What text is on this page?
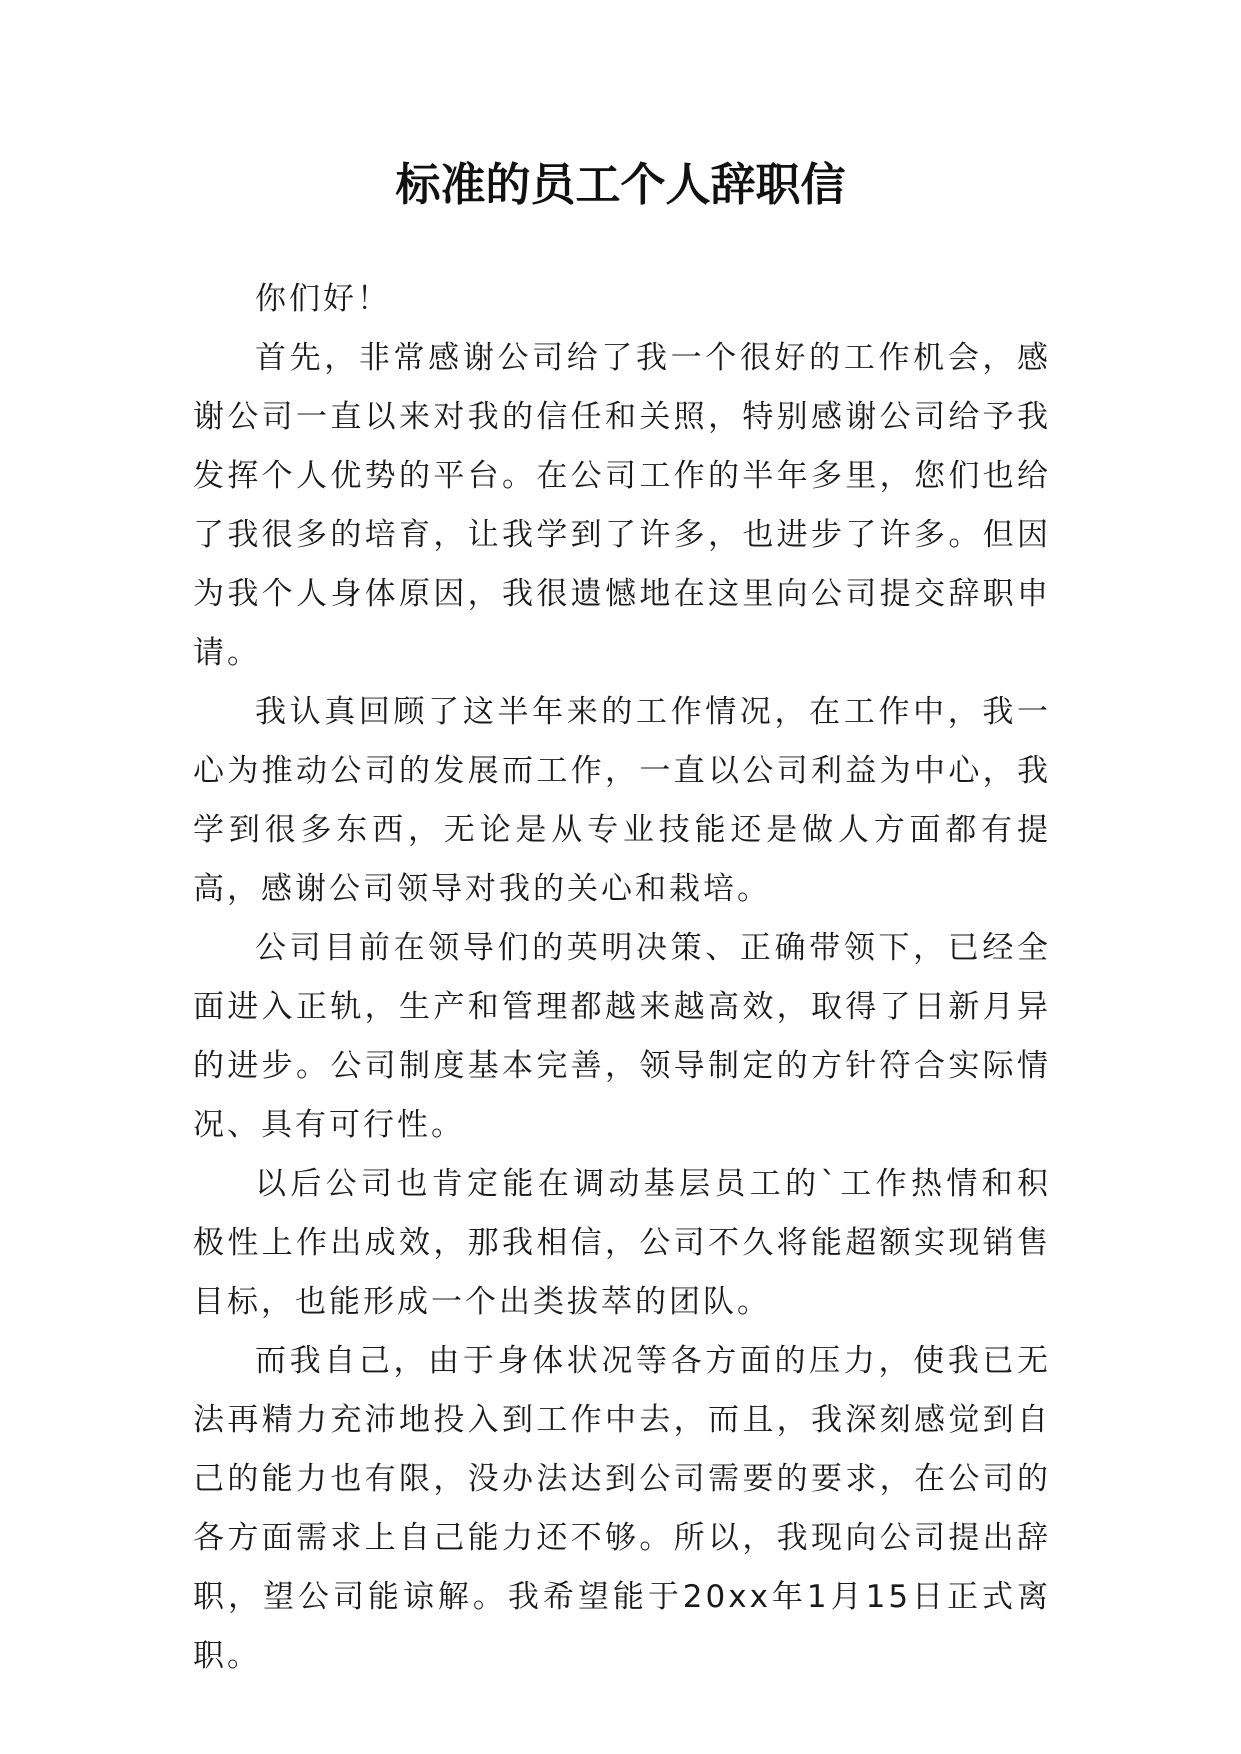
标准的员工个人辞职信

你们好！

首先，非常感谢公司给了我一个很好的工作机会，感谢公司一直以来对我的信任和关照，特别感谢公司给予我发挥个人优势的平台。在公司工作的半年多里，您们也给了我很多的培育，让我学到了许多，也进步了许多。但因为我个人身体原因，我很遗憾地在这里向公司提交辞职申请。

我认真回顾了这半年来的工作情况，在工作中，我一心为推动公司的发展而工作，一直以公司利益为中心，我学到很多东西，无论是从专业技能还是做人方面都有提高，感谢公司领导对我的关心和栽培。

公司目前在领导们的英明决策、正确带领下，已经全面进入正轨，生产和管理都越来越高效，取得了日新月异的进步。公司制度基本完善，领导制定的方针符合实际情况、具有可行性。

以后公司也肯定能在调动基层员工的`工作热情和积极性上作出成效，那我相信，公司不久将能超额实现销售目标，也能形成一个出类拔萃的团队。

而我自己，由于身体状况等各方面的压力，使我已无法再精力充沛地投入到工作中去，而且，我深刻感觉到自己的能力也有限，没办法达到公司需要的要求，在公司的各方面需求上自己能力还不够。所以，我现向公司提出辞职，望公司能谅解。我希望能于20xx年1月15日正式离职。
